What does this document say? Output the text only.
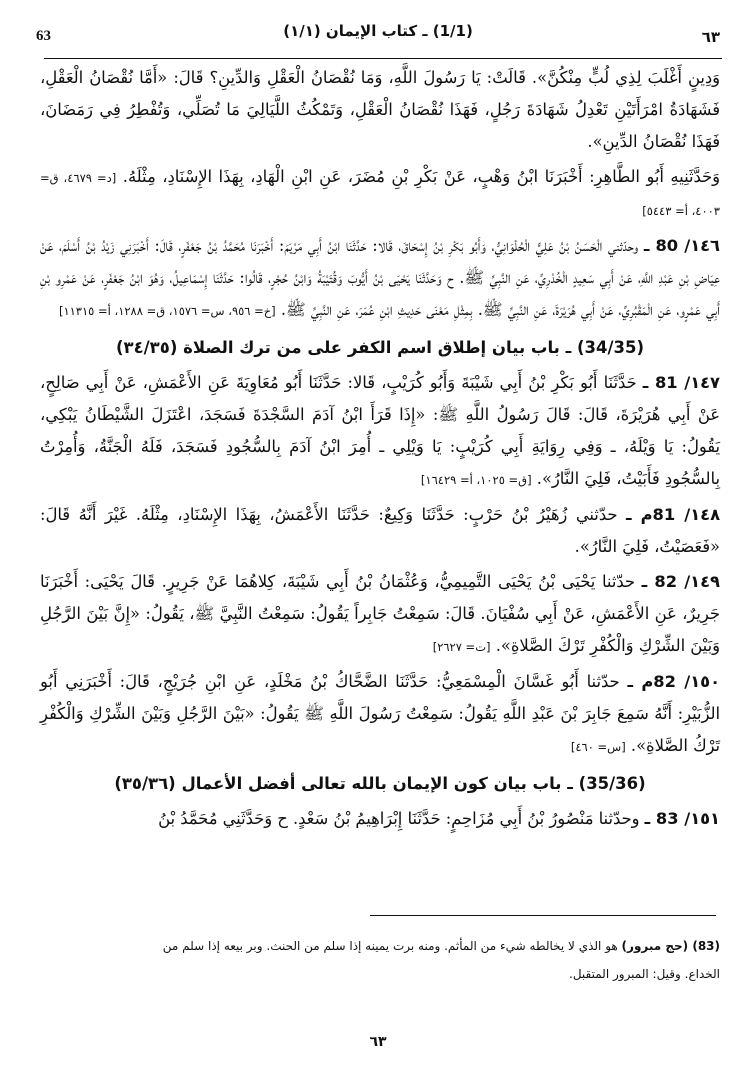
63	(1/1) ـ كتاب الإيمان (١/١)	٦٣

وَدِينٍ أَغْلَبَ لِذِي لُبٍّ مِنْكُنَّ». قَالَتْ: يَا رَسُولَ اللَّهِ، وَمَا نُقْصَانُ الْعَقْلِ وَالدِّينِ؟ قَالَ: «أَمَّا نُقْصَانُ الْعَقْلِ، فَشَهَادَةُ امْرَأَتَيْنِ تَعْدِلُ شَهَادَةَ رَجُلٍ، فَهَذَا نُقْصَانُ الْعَقْلِ، وَتَمْكُثُ اللَّيَالِيَ مَا تُصَلِّي، وَتُفْطِرُ فِي رَمَضَانَ، فَهَذَا نُقْصَانُ الدِّينِ».

وَحَدَّثَنِيهِ أَبُو الطَّاهِرِ: أَخْبَرَنَا ابْنُ وَهْبٍ، عَنْ بَكْرِ بْنِ مُضَرَ، عَنِ ابْنِ الْهَادِ، بِهَذَا الإِسْنَادِ، مِثْلَهُ. [د= ٤٦٧٩، ق= ٤٠٠٣، أ= ٥٤٤٣]

١٤٦/ 80 ـ وحدّثني الْحَسَنُ بْنُ عَلِيٍّ الْحُلْوَانِيُّ، وَأَبُو بَكْرِ بْنُ إِسْحَاقَ، قَالا: حَدَّثَنَا ابْنُ أَبِي مَرْيَمَ: أَخْبَرَنَا مُحَمَّدُ بْنُ جَعْفَرٍ، قَالَ: أَخْبَرَنِي زَيْدُ بْنُ أَسْلَمَ، عَنْ عِيَاضِ بْنِ عَبْدِ اللَّهِ، عَنْ أَبِي سَعِيدٍ الْخُدْرِيِّ، عَنِ النَّبِيِّ ﷺ. ح وَحَدَّثَنَا يَحْيَى بْنُ أَيُّوبَ وَقُتَيْبَةُ وَابْنُ حُجْرٍ، قَالُوا: حَدَّثَنَا إِسْمَاعِيلُ، وَهُوَ ابْنُ جَعْفَرٍ، عَنْ عَمْرِو بْنِ أَبِي عَمْرٍو، عَنِ الْمَقْبُرِيِّ، عَنْ أَبِي هُرَيْرَةَ، عَنِ النَّبِيِّ ﷺ. بِمِثْلِ مَعْنَى حَدِيثِ ابْنِ عُمَرَ، عَنِ النَّبِيِّ ﷺ. [خ= ٩٥٦، س= ١٥٧٦، ق= ١٢٨٨، أ= ١١٣١٥]

(34/35) ـ باب بيان إطلاق اسم الكفر على من ترك الصلاة (٣٤/٣٥)

١٤٧/ 81 ـ حَدَّثَنَا أَبُو بَكْرِ بْنُ أَبِي شَيْبَةَ وَأَبُو كُرَيْبٍ، قَالا: حَدَّثَنَا أَبُو مُعَاوِيَةَ عَنِ الأَعْمَشِ، عَنْ أَبِي صَالِحٍ، عَنْ أَبِي هُرَيْرَةَ، قَالَ: قَالَ رَسُولُ اللَّهِ ﷺ: «إِذَا قَرَأَ ابْنُ آدَمَ السَّجْدَةَ فَسَجَدَ، اعْتَزَلَ الشَّيْطَانُ يَبْكِي، يَقُولُ: يَا وَيْلَهُ، ـ وَفِي رِوَايَةِ أَبِي كُرَيْبٍ: يَا وَيْلِي ـ أُمِرَ ابْنُ آدَمَ بِالسُّجُودِ فَسَجَدَ، فَلَهُ الْجَنَّةُ، وَأُمِرْتُ بِالسُّجُودِ فَأَبَيْتُ، فَلِيَ النَّارُ». [ق= ١٠٢٥، أ= ١٦٤٢٩]

١٤٨/ 81م ـ حدّثني زُهَيْرُ بْنُ حَرْبٍ: حَدَّثَنَا وَكِيعٌ: حَدَّثَنَا الأَعْمَشُ، بِهَذَا الإِسْنَادِ، مِثْلَهُ. غَيْرَ أَنَّهُ قَالَ: «فَعَصَيْتُ، فَلِيَ النَّارُ».

١٤٩/ 82 ـ حدّثنا يَحْيَى بْنُ يَحْيَى التَّمِيمِيُّ، وَعُثْمَانُ بْنُ أَبِي شَيْبَةَ، كِلاهُمَا عَنْ جَرِيرٍ. قَالَ يَحْيَى: أَخْبَرَنَا جَرِيرٌ، عَنِ الأَعْمَشِ، عَنْ أَبِي سُفْيَانَ. قَالَ: سَمِعْتُ جَابِراً يَقُولُ: سَمِعْتُ النَّبِيَّ ﷺ، يَقُولُ: «إِنَّ بَيْنَ الرَّجُلِ وَبَيْنَ الشِّرْكِ وَالْكُفْرِ تَرْكَ الصَّلاةِ». [ت= ٢٦٢٧]

١٥٠/ 82م ـ حدّثنا أَبُو غَسَّانَ الْمِسْمَعِيُّ: حَدَّثَنَا الضَّحَّاكُ بْنُ مَخْلَدٍ، عَنِ ابْنِ جُرَيْجٍ، قَالَ: أَخْبَرَنِي أَبُو الزُّبَيْرِ: أَنَّهُ سَمِعَ جَابِرَ بْنَ عَبْدِ اللَّهِ يَقُولُ: سَمِعْتُ رَسُولَ اللَّهِ ﷺ يَقُولُ: «بَيْنَ الرَّجُلِ وَبَيْنَ الشِّرْكِ وَالْكُفْرِ تَرْكُ الصَّلاةِ». [س= ٤٦٠]

(35/36) ـ باب بيان كون الإيمان بالله تعالى أفضل الأعمال (٣٥/٣٦)

١٥١/ 83 ـ وحدّثنا مَنْصُورُ بْنُ أَبِي مُزَاحِمٍ: حَدَّثَنَا إِبْرَاهِيمُ بْنُ سَعْدٍ. ح وَحَدَّثَنِي مُحَمَّدُ بْنُ

(83) (حج مبرور) هو الذي لا يخالطه شيء من المأثم. ومنه برت يمينه إذا سلم من الحنث. وبر بيعه إذا سلم من
الخداع. وقيل: المبرور المتقبل.
٦٣
